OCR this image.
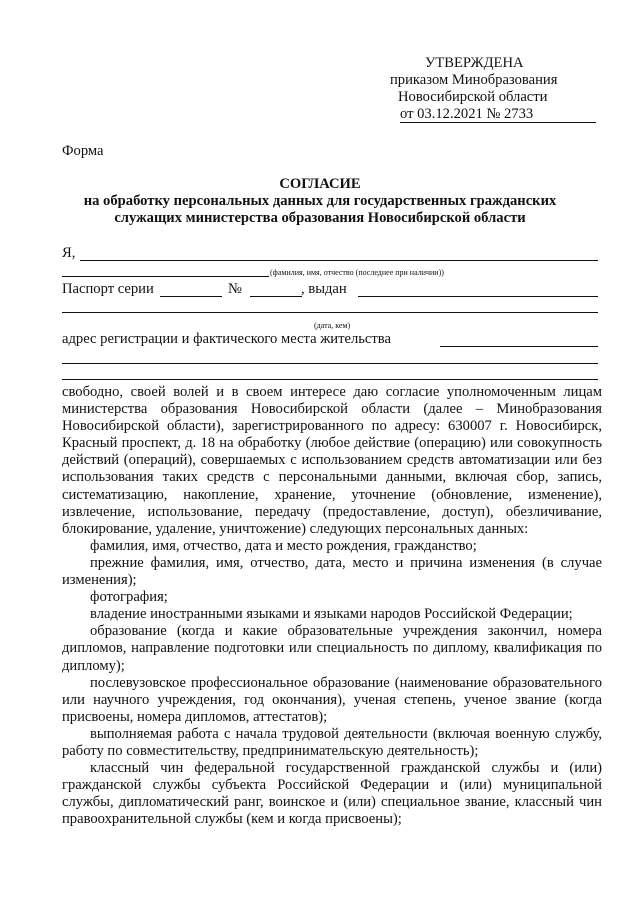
УТВЕРЖДЕНА
приказом Минобразования
Новосибирской области
от 03.12.2021 № 2733
Форма
СОГЛАСИЕ
на обработку персональных данных для государственных гражданских
служащих министерства образования Новосибирской области
Я,
(фамилия, имя, отчество (последнее при наличии))
Паспорт серии	№	, выдан
(дата, кем)
адрес регистрации и фактического места жительства

свободно, своей волей и в своем интересе даю согласие уполномоченным лицам министерства образования Новосибирской области (далее – Минобразования Новосибирской области), зарегистрированного по адресу: 630007 г. Новосибирск, Красный проспект, д. 18 на обработку (любое действие (операцию) или совокупность действий (операций), совершаемых с использованием средств автоматизации или без использования таких средств с персональными данными, включая сбор, запись, систематизацию, накопление, хранение, уточнение (обновление, изменение), извлечение, использование, передачу (предоставление, доступ), обезличивание, блокирование, удаление, уничтожение) следующих персональных данных:

фамилия, имя, отчество, дата и место рождения, гражданство;

прежние фамилия, имя, отчество, дата, место и причина изменения (в случае изменения);

фотография;

владение иностранными языками и языками народов Российской Федерации;

образование (когда и какие образовательные учреждения закончил, номера дипломов, направление подготовки или специальность по диплому, квалификация по диплому);

послевузовское профессиональное образование (наименование образовательного или научного учреждения, год окончания), ученая степень, ученое звание (когда присвоены, номера дипломов, аттестатов);

выполняемая работа с начала трудовой деятельности (включая военную службу, работу по совместительству, предпринимательскую деятельность);

классный чин федеральной государственной гражданской службы и (или) гражданской службы субъекта Российской Федерации и (или) муниципальной службы, дипломатический ранг, воинское и (или) специальное звание, классный чин правоохранительной службы (кем и когда присвоены);
